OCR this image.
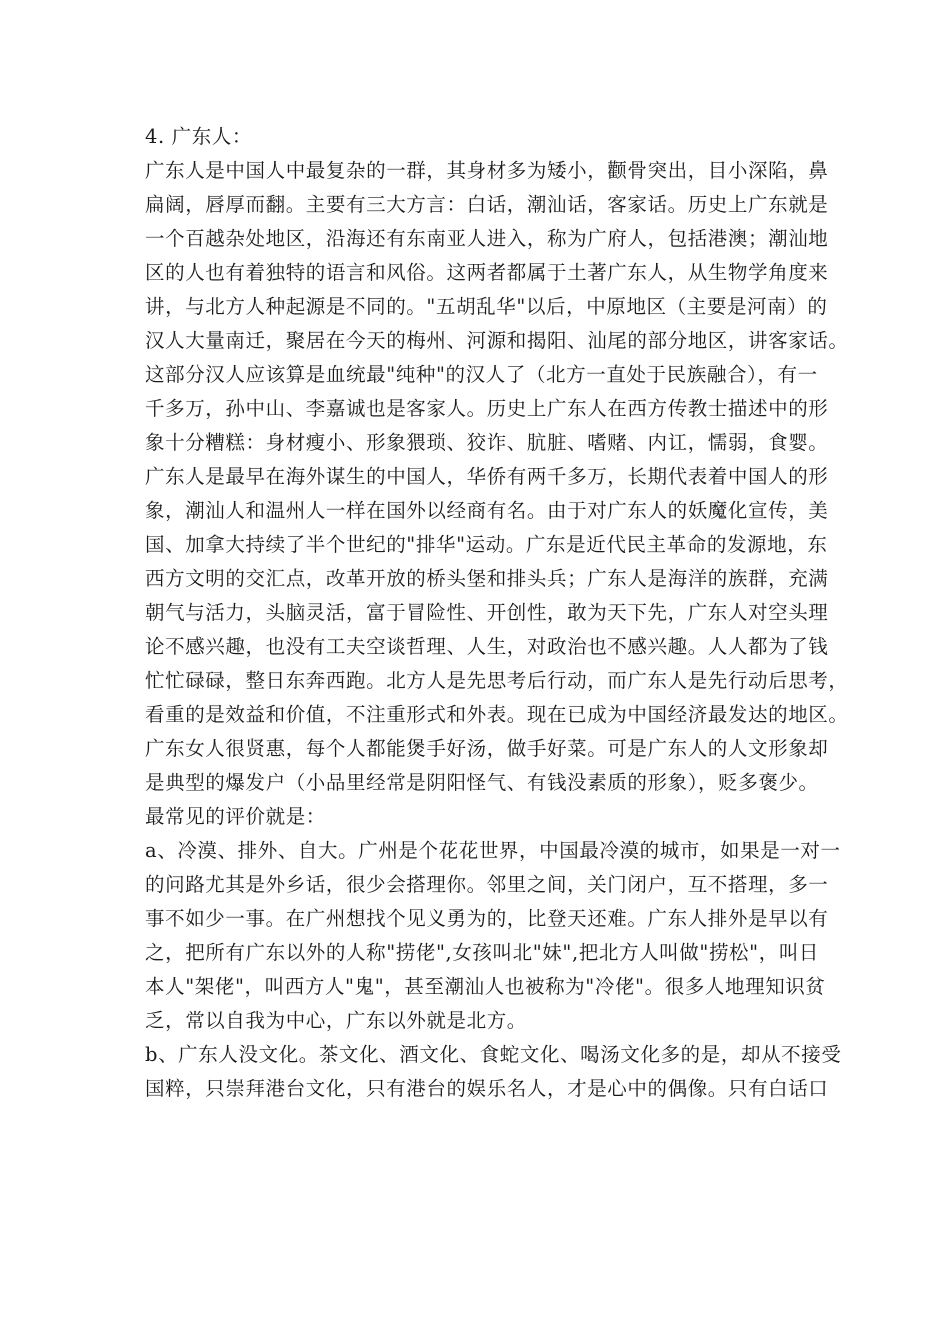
4. 广东人：
广东人是中国人中最复杂的一群，其身材多为矮小，颧骨突出，目小深陷，鼻
扁阔，唇厚而翻。主要有三大方言：白话，潮汕话，客家话。历史上广东就是
一个百越杂处地区，沿海还有东南亚人进入，称为广府人，包括港澳；潮汕地
区的人也有着独特的语言和风俗。这两者都属于土著广东人，从生物学角度来
讲，与北方人种起源是不同的。"五胡乱华"以后，中原地区（主要是河南）的
汉人大量南迁，聚居在今天的梅州、河源和揭阳、汕尾的部分地区，讲客家话。
这部分汉人应该算是血统最"纯种"的汉人了（北方一直处于民族融合），有一
千多万，孙中山、李嘉诚也是客家人。历史上广东人在西方传教士描述中的形
象十分糟糕：身材瘦小、形象猥琐、狡诈、肮脏、嗜赌、内讧，懦弱，食婴。
广东人是最早在海外谋生的中国人，华侨有两千多万，长期代表着中国人的形
象，潮汕人和温州人一样在国外以经商有名。由于对广东人的妖魔化宣传，美
国、加拿大持续了半个世纪的"排华"运动。广东是近代民主革命的发源地，东
西方文明的交汇点，改革开放的桥头堡和排头兵；广东人是海洋的族群，充满
朝气与活力，头脑灵活，富于冒险性、开创性，敢为天下先，广东人对空头理
论不感兴趣，也没有工夫空谈哲理、人生，对政治也不感兴趣。人人都为了钱
忙忙碌碌，整日东奔西跑。北方人是先思考后行动，而广东人是先行动后思考，
看重的是效益和价值，不注重形式和外表。现在已成为中国经济最发达的地区。
广东女人很贤惠，每个人都能煲手好汤，做手好菜。可是广东人的人文形象却
是典型的爆发户（小品里经常是阴阳怪气、有钱没素质的形象），贬多褒少。
最常见的评价就是：
a、冷漠、排外、自大。广州是个花花世界，中国最冷漠的城市，如果是一对一
的问路尤其是外乡话，很少会搭理你。邻里之间，关门闭户，互不搭理，多一
事不如少一事。在广州想找个见义勇为的，比登天还难。广东人排外是早以有
之，把所有广东以外的人称"捞佬",女孩叫北"妹",把北方人叫做"捞松"，叫日
本人"架佬"，叫西方人"鬼"，甚至潮汕人也被称为"冷佬"。很多人地理知识贫
乏，常以自我为中心，广东以外就是北方。
b、广东人没文化。茶文化、酒文化、食蛇文化、喝汤文化多的是，却从不接受
国粹，只崇拜港台文化，只有港台的娱乐名人，才是心中的偶像。只有白话口
